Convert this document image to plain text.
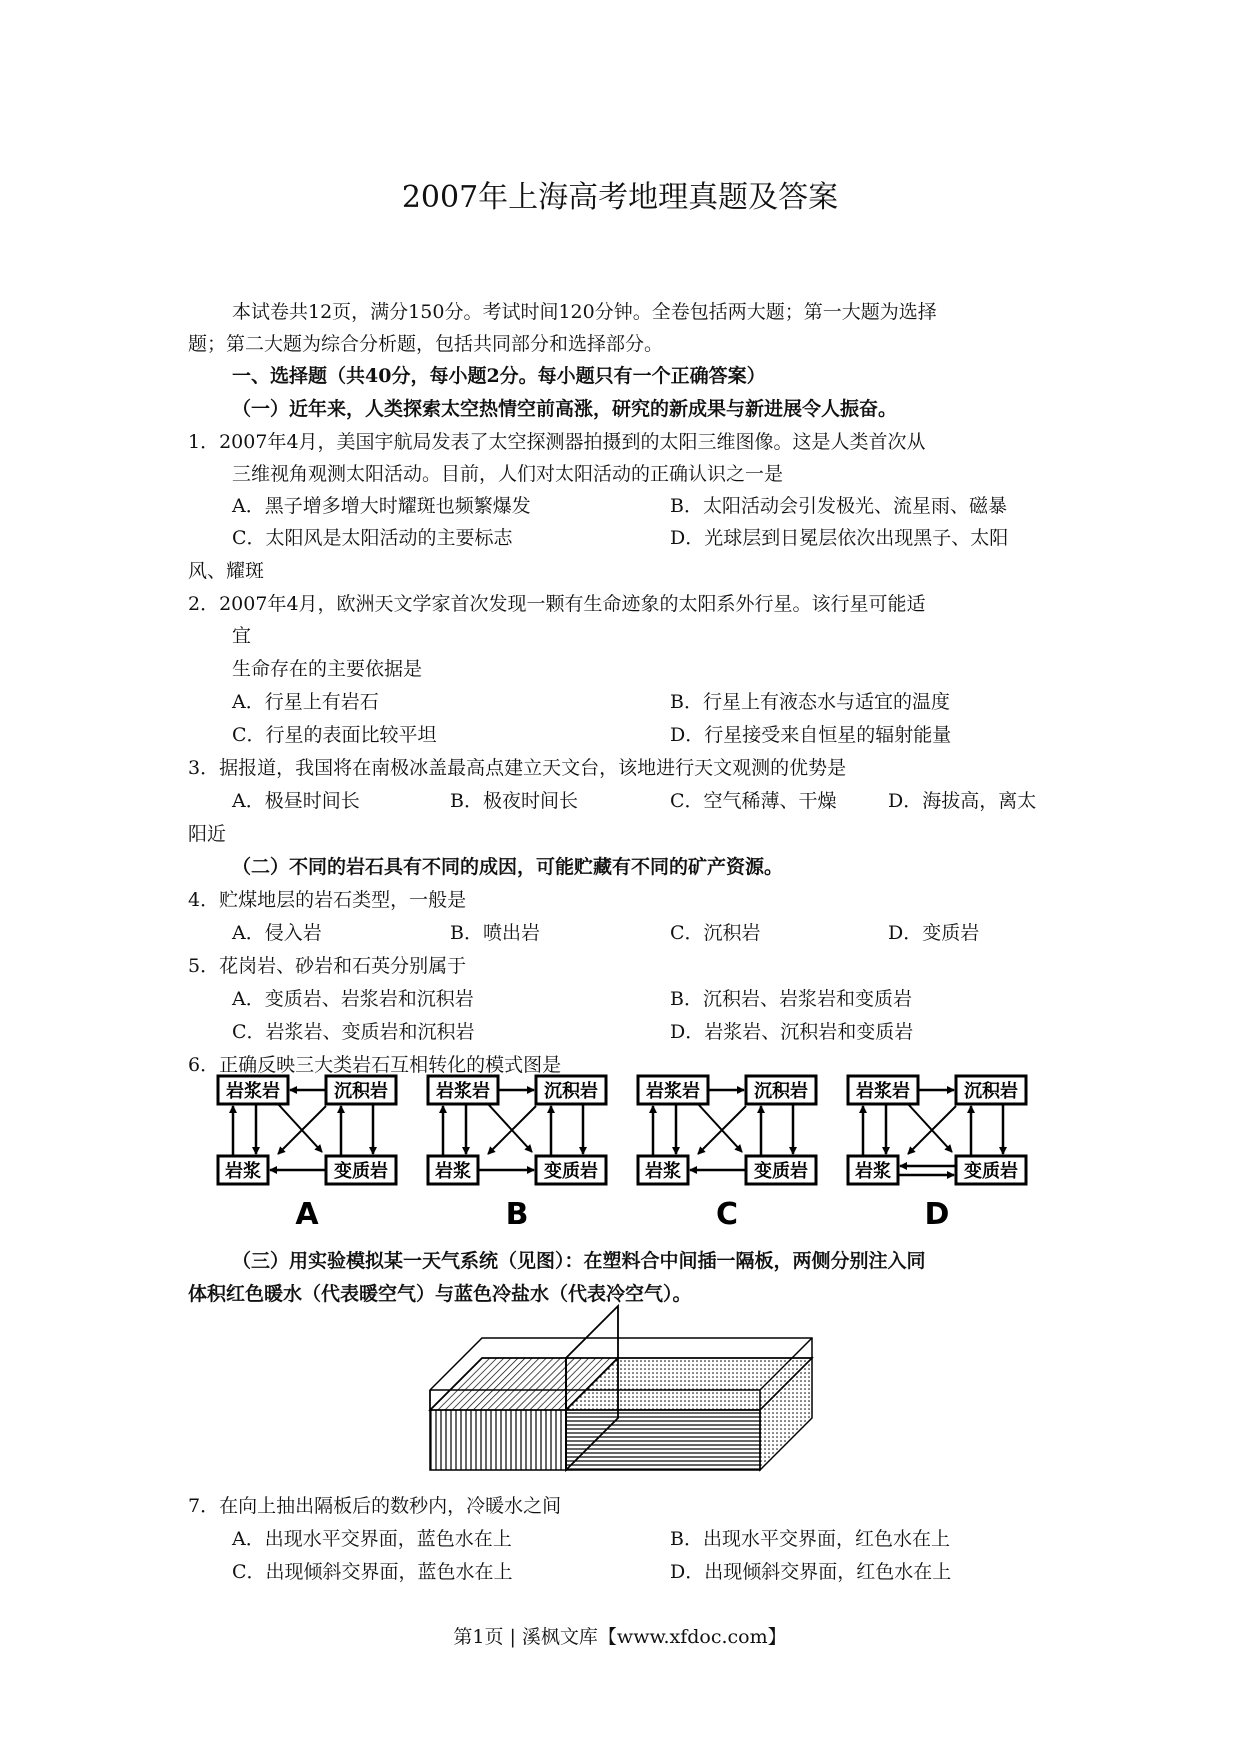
2007年上海高考地理真题及答案
本试卷共12页，满分150分。考试时间120分钟。全卷包括两大题；第一大题为选择
题；第二大题为综合分析题，包括共同部分和选择部分。
一、选择题（共40分，每小题2分。每小题只有一个正确答案）
（一）近年来，人类探索太空热情空前高涨，研究的新成果与新进展令人振奋。
1．2007年4月，美国宇航局发表了太空探测器拍摄到的太阳三维图像。这是人类首次从
三维视角观测太阳活动。目前，人们对太阳活动的正确认识之一是
A．黑子增多增大时耀斑也频繁爆发	B．太阳活动会引发极光、流星雨、磁暴
C．太阳风是太阳活动的主要标志	D．光球层到日冕层依次出现黑子、太阳
风、耀斑
2．2007年4月，欧洲天文学家首次发现一颗有生命迹象的太阳系外行星。该行星可能适
宜
生命存在的主要依据是
A．行星上有岩石	B．行星上有液态水与适宜的温度
C．行星的表面比较平坦	D．行星接受来自恒星的辐射能量
3．据报道，我国将在南极冰盖最高点建立天文台，该地进行天文观测的优势是
A．极昼时间长	B．极夜时间长	C．空气稀薄、干燥	D．海拔高，离太
阳近
（二）不同的岩石具有不同的成因，可能贮藏有不同的矿产资源。
4．贮煤地层的岩石类型，一般是
A．侵入岩	B．喷出岩	C．沉积岩	D．变质岩
5．花岗岩、砂岩和石英分别属于
A．变质岩、岩浆岩和沉积岩	B．沉积岩、岩浆岩和变质岩
C．岩浆岩、变质岩和沉积岩	D．岩浆岩、沉积岩和变质岩
6．正确反映三大类岩石互相转化的模式图是
岩浆岩	沉积岩
岩浆	变质岩
A
岩浆岩	沉积岩
岩浆	变质岩
B
岩浆岩	沉积岩
岩浆	变质岩
C
岩浆岩	沉积岩
岩浆	变质岩
D
（三）用实验模拟某一天气系统（见图）：在塑料合中间插一隔板，两侧分别注入同
体积红色暖水（代表暖空气）与蓝色冷盐水（代表冷空气）。
7．在向上抽出隔板后的数秒内，冷暖水之间
A．出现水平交界面，蓝色水在上	B．出现水平交界面，红色水在上
C．出现倾斜交界面，蓝色水在上	D．出现倾斜交界面，红色水在上
第1页 | 溪枫文库【www.xfdoc.com】
